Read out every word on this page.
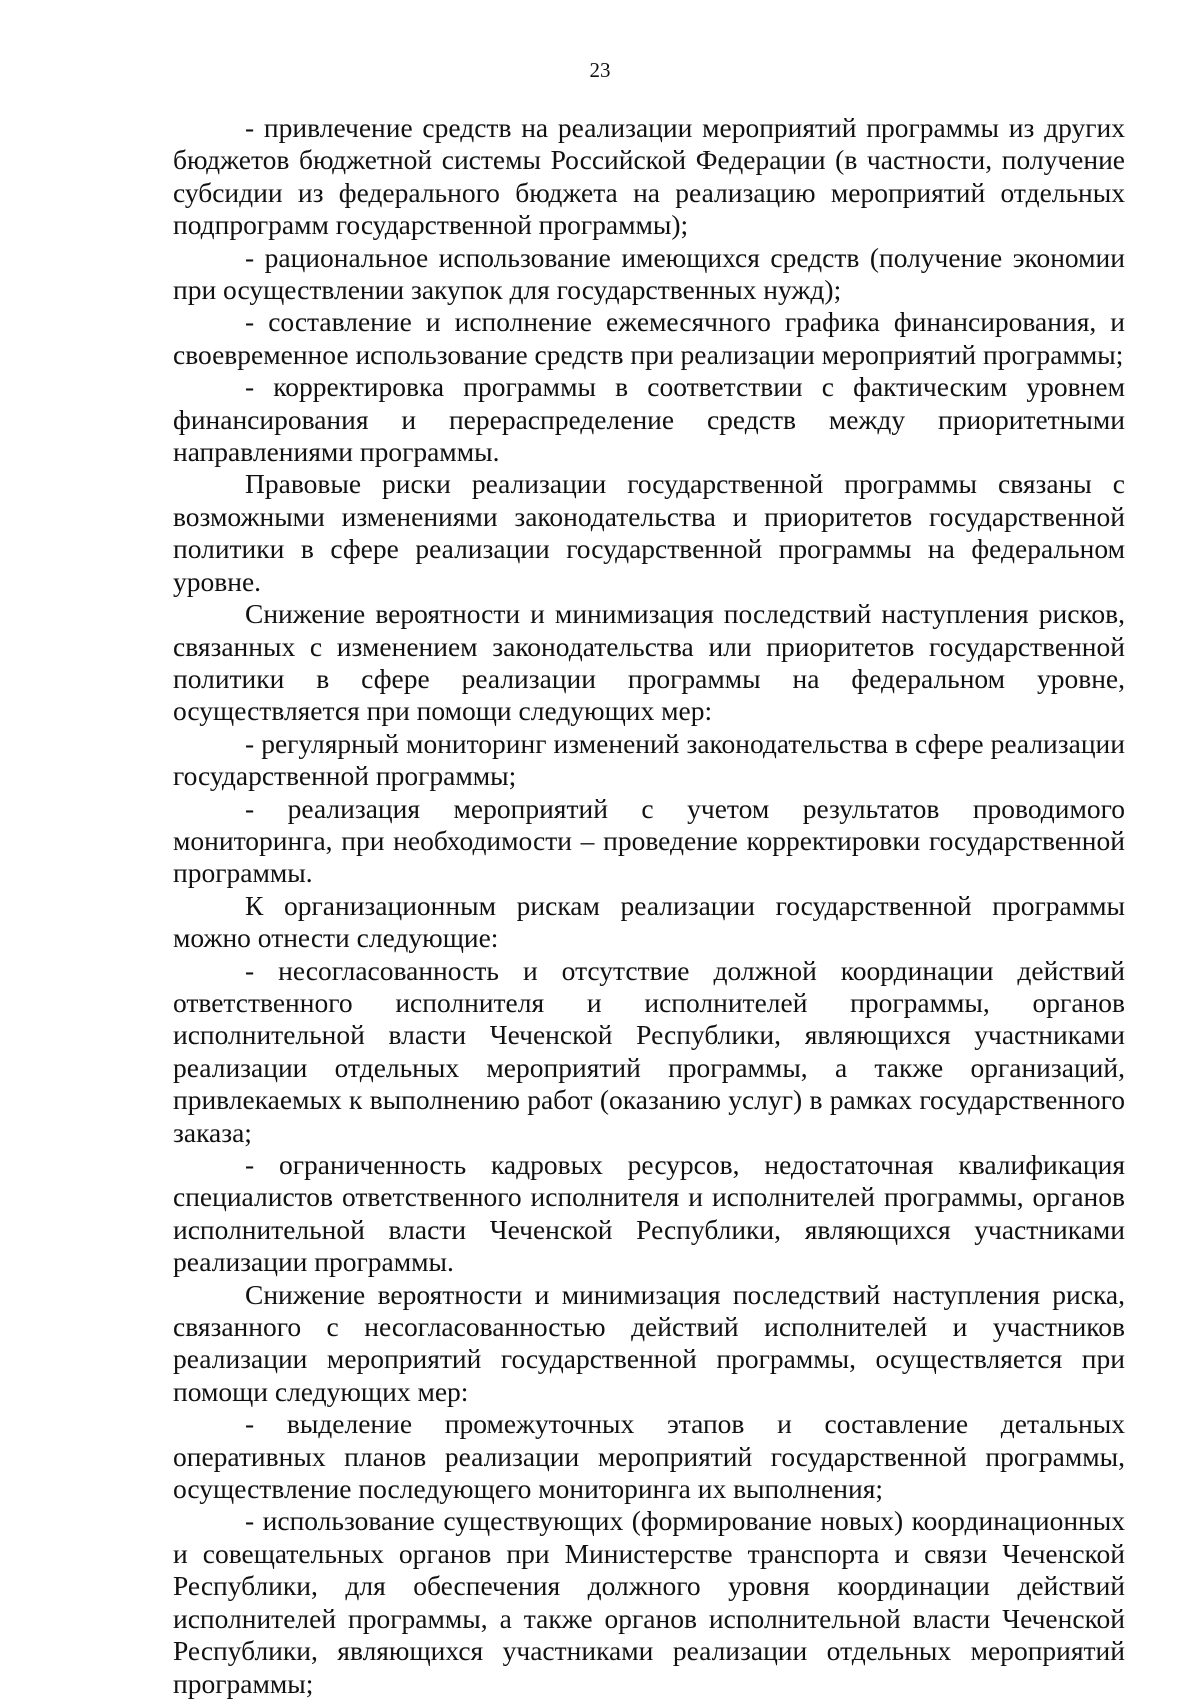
23

- привлечение средств на реализации мероприятий программы из других бюджетов бюджетной системы Российской Федерации (в частности, получение субсидии из федерального бюджета на реализацию мероприятий отдельных подпрограмм государственной программы);

- рациональное использование имеющихся средств (получение экономии при осуществлении закупок для государственных нужд);

- составление и исполнение ежемесячного графика финансирования, и своевременное использование средств при реализации мероприятий программы;

- корректировка программы в соответствии с фактическим уровнем финансирования и перераспределение средств между приоритетными направлениями программы.

Правовые риски реализации государственной программы связаны с возможными изменениями законодательства и приоритетов государственной политики в сфере реализации государственной программы на федеральном уровне.

Снижение вероятности и минимизация последствий наступления рисков, связанных с изменением законодательства или приоритетов государственной политики в сфере реализации программы на федеральном уровне, осуществляется при помощи следующих мер:

- регулярный мониторинг изменений законодательства в сфере реализации государственной программы;

- реализация мероприятий с учетом результатов проводимого мониторинга, при необходимости – проведение корректировки государственной программы.

К организационным рискам реализации государственной программы можно отнести следующие:

- несогласованность и отсутствие должной координации действий ответственного исполнителя и исполнителей программы, органов исполнительной власти Чеченской Республики, являющихся участниками реализации отдельных мероприятий программы, а также организаций, привлекаемых к выполнению работ (оказанию услуг) в рамках государственного заказа;

- ограниченность кадровых ресурсов, недостаточная квалификация специалистов ответственного исполнителя и исполнителей программы, органов исполнительной власти Чеченской Республики, являющихся участниками реализации программы.

Снижение вероятности и минимизация последствий наступления риска, связанного с несогласованностью действий исполнителей и участников реализации мероприятий государственной программы, осуществляется при помощи следующих мер:

- выделение промежуточных этапов и составление детальных оперативных планов реализации мероприятий государственной программы, осуществление последующего мониторинга их выполнения;

- использование существующих (формирование новых) координационных и совещательных органов при Министерстве транспорта и связи Чеченской Республики, для обеспечения должного уровня координации действий исполнителей программы, а также органов исполнительной власти Чеченской Республики, являющихся участниками реализации отдельных мероприятий программы;
